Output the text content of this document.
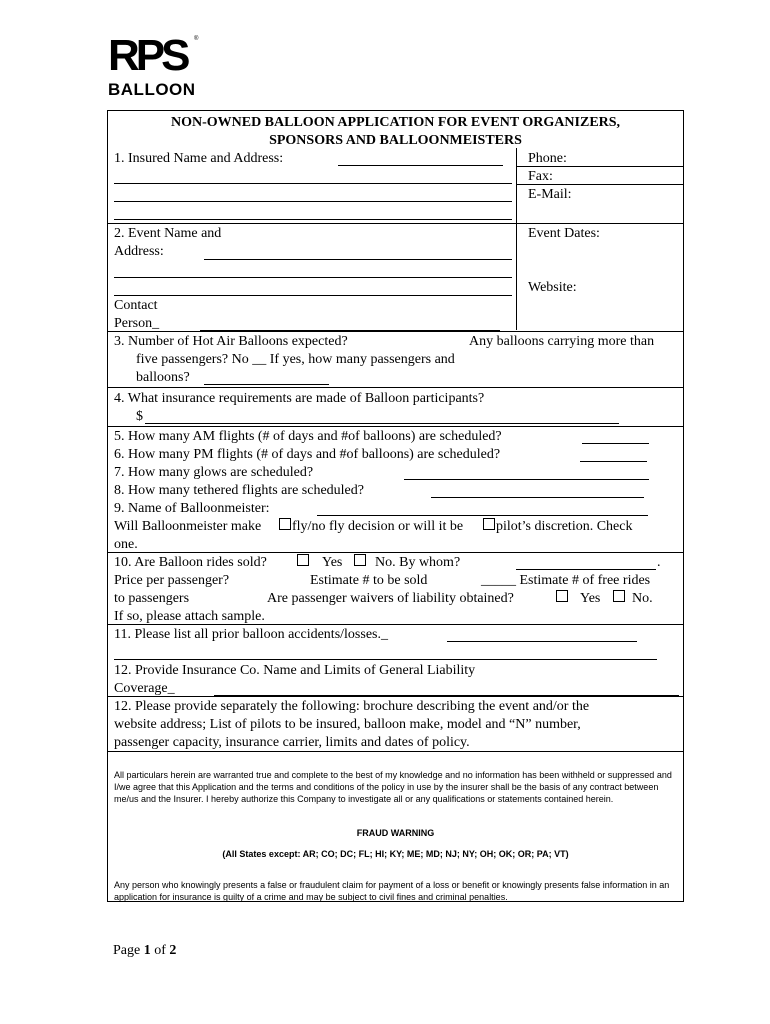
RPS	®
BALLOON
NON-OWNED BALLOON APPLICATION FOR EVENT ORGANIZERS,
SPONSORS AND BALLOONMEISTERS
1. Insured Name and Address:	Phone:
Fax:
E-Mail:
2. Event Name and
Address:
Event Dates:
Website:
Contact
Person_
3. Number of Hot Air Balloons expected?	Any balloons carrying more than
five passengers? No __ If yes, how many passengers and
balloons?
4. What insurance requirements are made of Balloon participants?
$
5. How many AM flights (# of days and #of balloons) are scheduled?
6. How many PM flights (# of days and #of balloons) are scheduled?
7. How many glows are scheduled?
8. How many tethered flights are scheduled?
9. Name of Balloonmeister:
Will Balloonmeister make fly/no fly decision or will it be pilot’s discretion. Check
one.
10. Are Balloon rides sold?	Yes No. By whom?	.
Price per passenger?	Estimate # to be sold	_____ Estimate # of free rides
to passengers	Are passenger waivers of liability obtained?	Yes No.
If so, please attach sample.
11. Please list all prior balloon accidents/losses._
12. Provide Insurance Co. Name and Limits of General Liability
Coverage_
12. Please provide separately the following: brochure describing the event and/or the
website address; List of pilots to be insured, balloon make, model and “N” number,
passenger capacity, insurance carrier, limits and dates of policy.
All particulars herein are warranted true and complete to the best of my knowledge and no information has been withheld or suppressed and I/we agree that this Application and the terms and conditions of the policy in use by the insurer shall be the basis of any contract between me/us and the Insurer. I hereby authorize this Company to investigate all or any qualifications or statements contained herein.
FRAUD WARNING
(All States except: AR; CO; DC; FL; HI; KY; ME; MD; NJ; NY; OH; OK; OR; PA; VT)
Any person who knowingly presents a false or fraudulent claim for payment of a loss or benefit or knowingly presents false information in an application for insurance is guilty of a crime and may be subject to civil fines and criminal penalties.
Page 1 of 2
